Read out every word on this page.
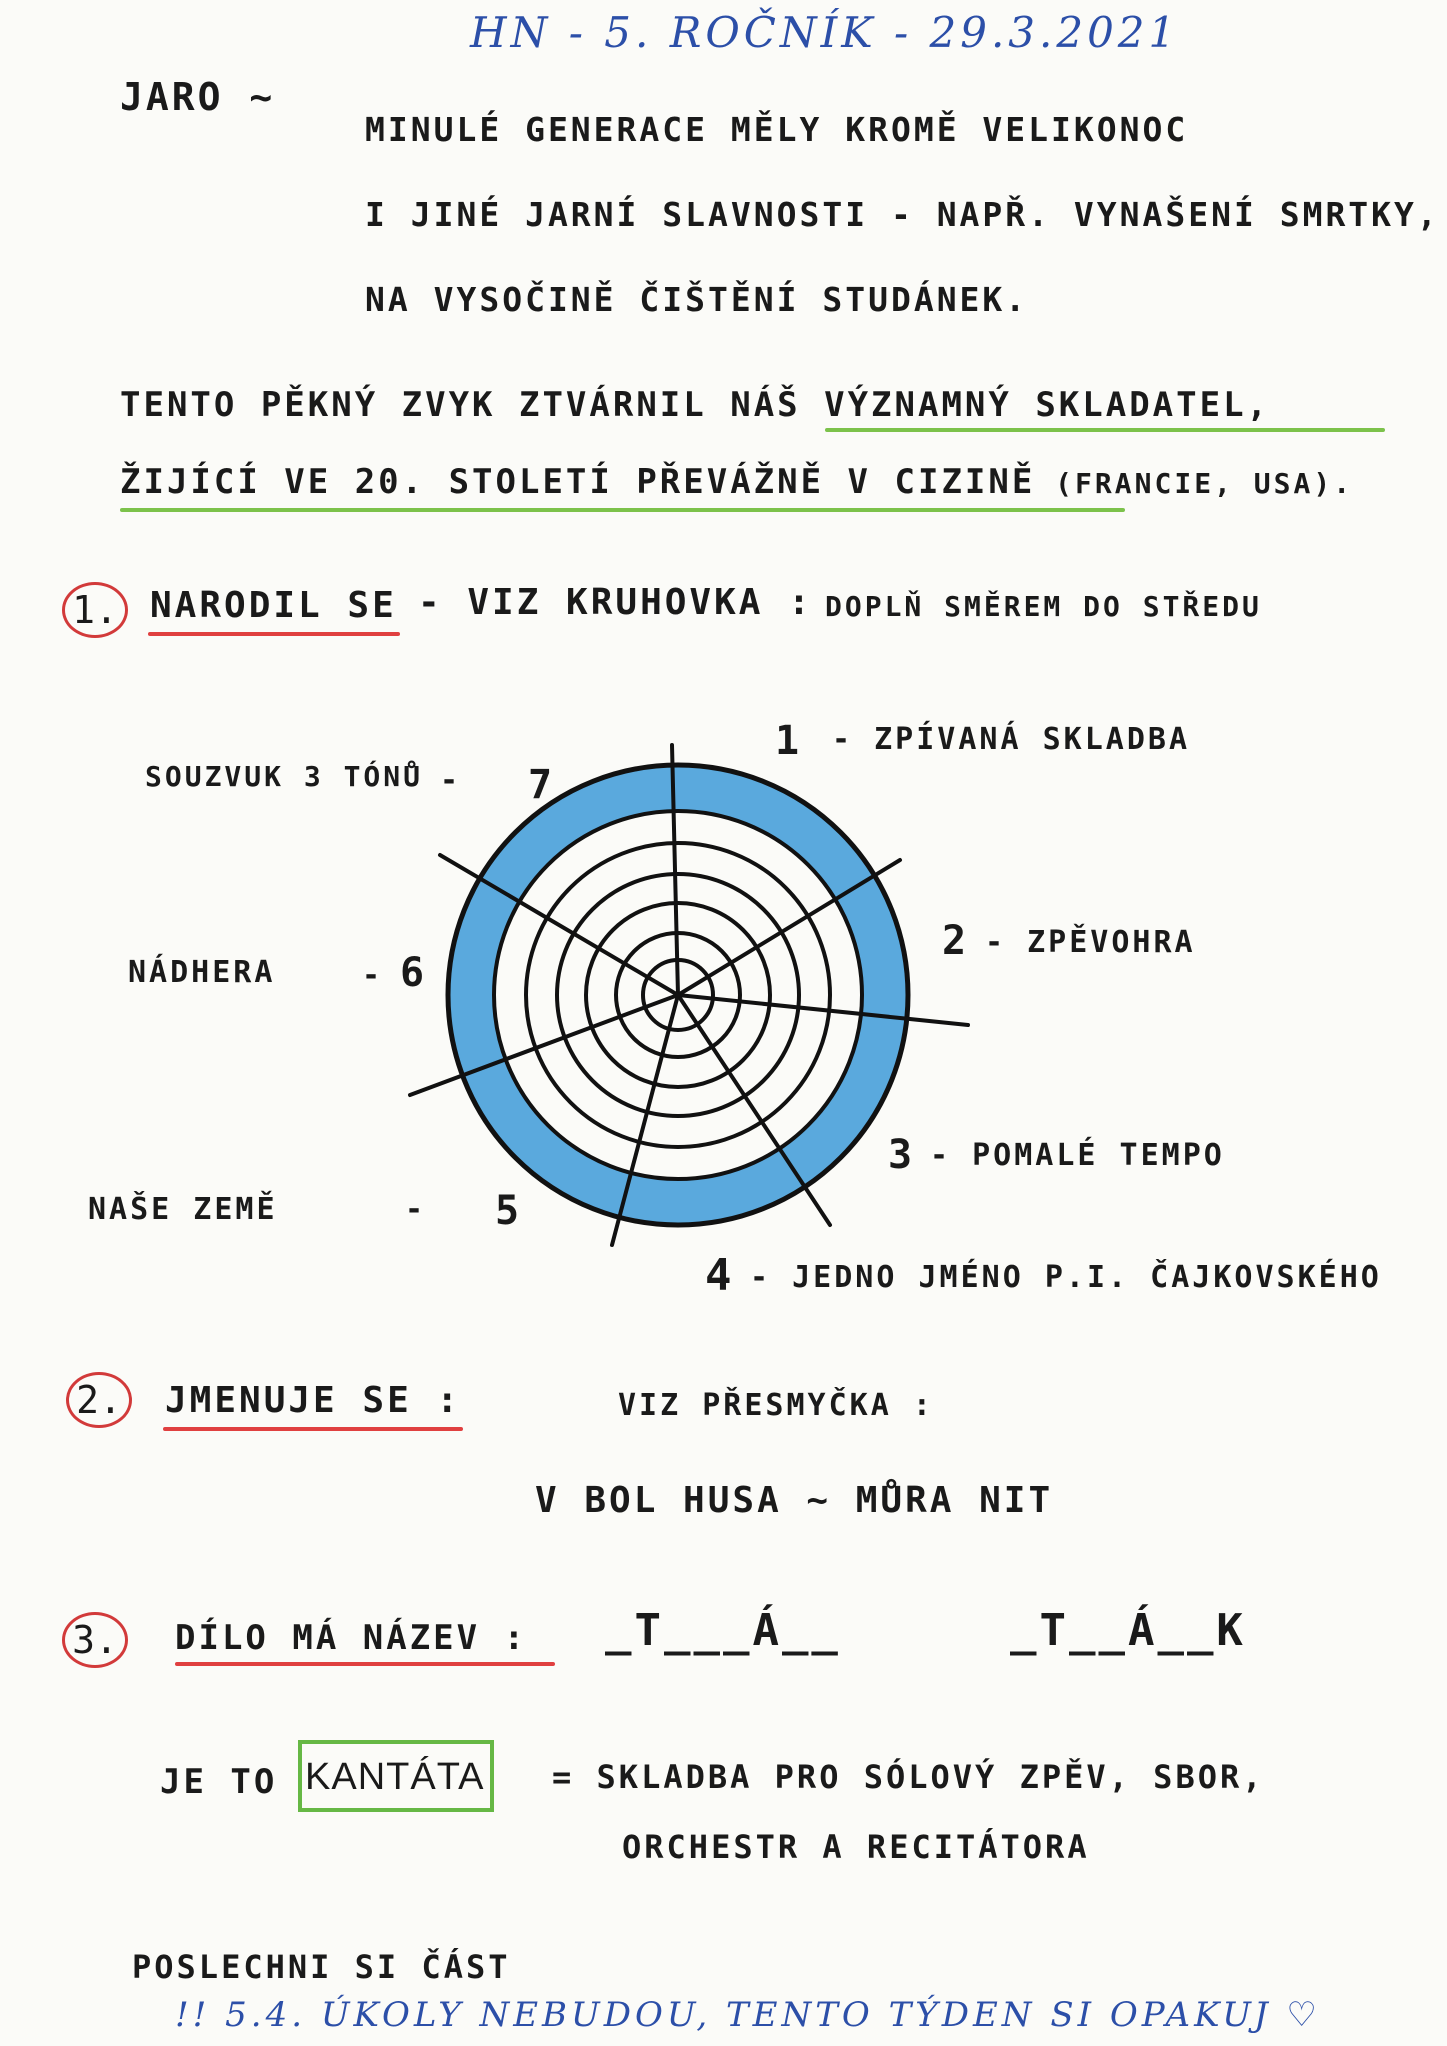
HN - 5. ROČNÍK - 29.3.2021
JARO ~
MINULÉ GENERACE MĚLY KROMĚ VELIKONOC
I JINÉ JARNÍ SLAVNOSTI - NAPŘ. VYNAŠENÍ SMRTKY,
NA VYSOČINĚ ČIŠTĚNÍ STUDÁNEK.
TENTO PĚKNÝ ZVYK ZTVÁRNIL NÁŠ VÝZNAMNÝ SKLADATEL,
ŽIJÍCÍ VE 20. STOLETÍ PŘEVÁŽNĚ V CIZINĚ (FRANCIE, USA).
1. NARODIL SE - VIZ KRUHOVKA : DOPLŇ SMĚREM DO STŘEDU
1 - ZPÍVANÁ SKLADBA
2 - ZPĚVOHRA
3 - POMALÉ TEMPO
4 - JEDNO JMÉNO P.I. ČAJKOVSKÉHO
NAŠE ZEMĚ	- 5
NÁDHERA	- 6
SOUZVUK 3 TÓNŮ - 7
2. JMENUJE SE :	VIZ PŘESMYČKA :
V BOL HUSA ~ MŮRA NIT
3. DÍLO MÁ NÁZEV : _T___Á__	_T__Á__K
JE TO KANTÁTA = SKLADBA PRO SÓLOVÝ ZPĚV, SBOR,
ORCHESTR A RECITÁTORA
POSLECHNI SI ČÁST
!! 5.4. ÚKOLY NEBUDOU, TENTO TÝDEN SI OPAKUJ ♡
